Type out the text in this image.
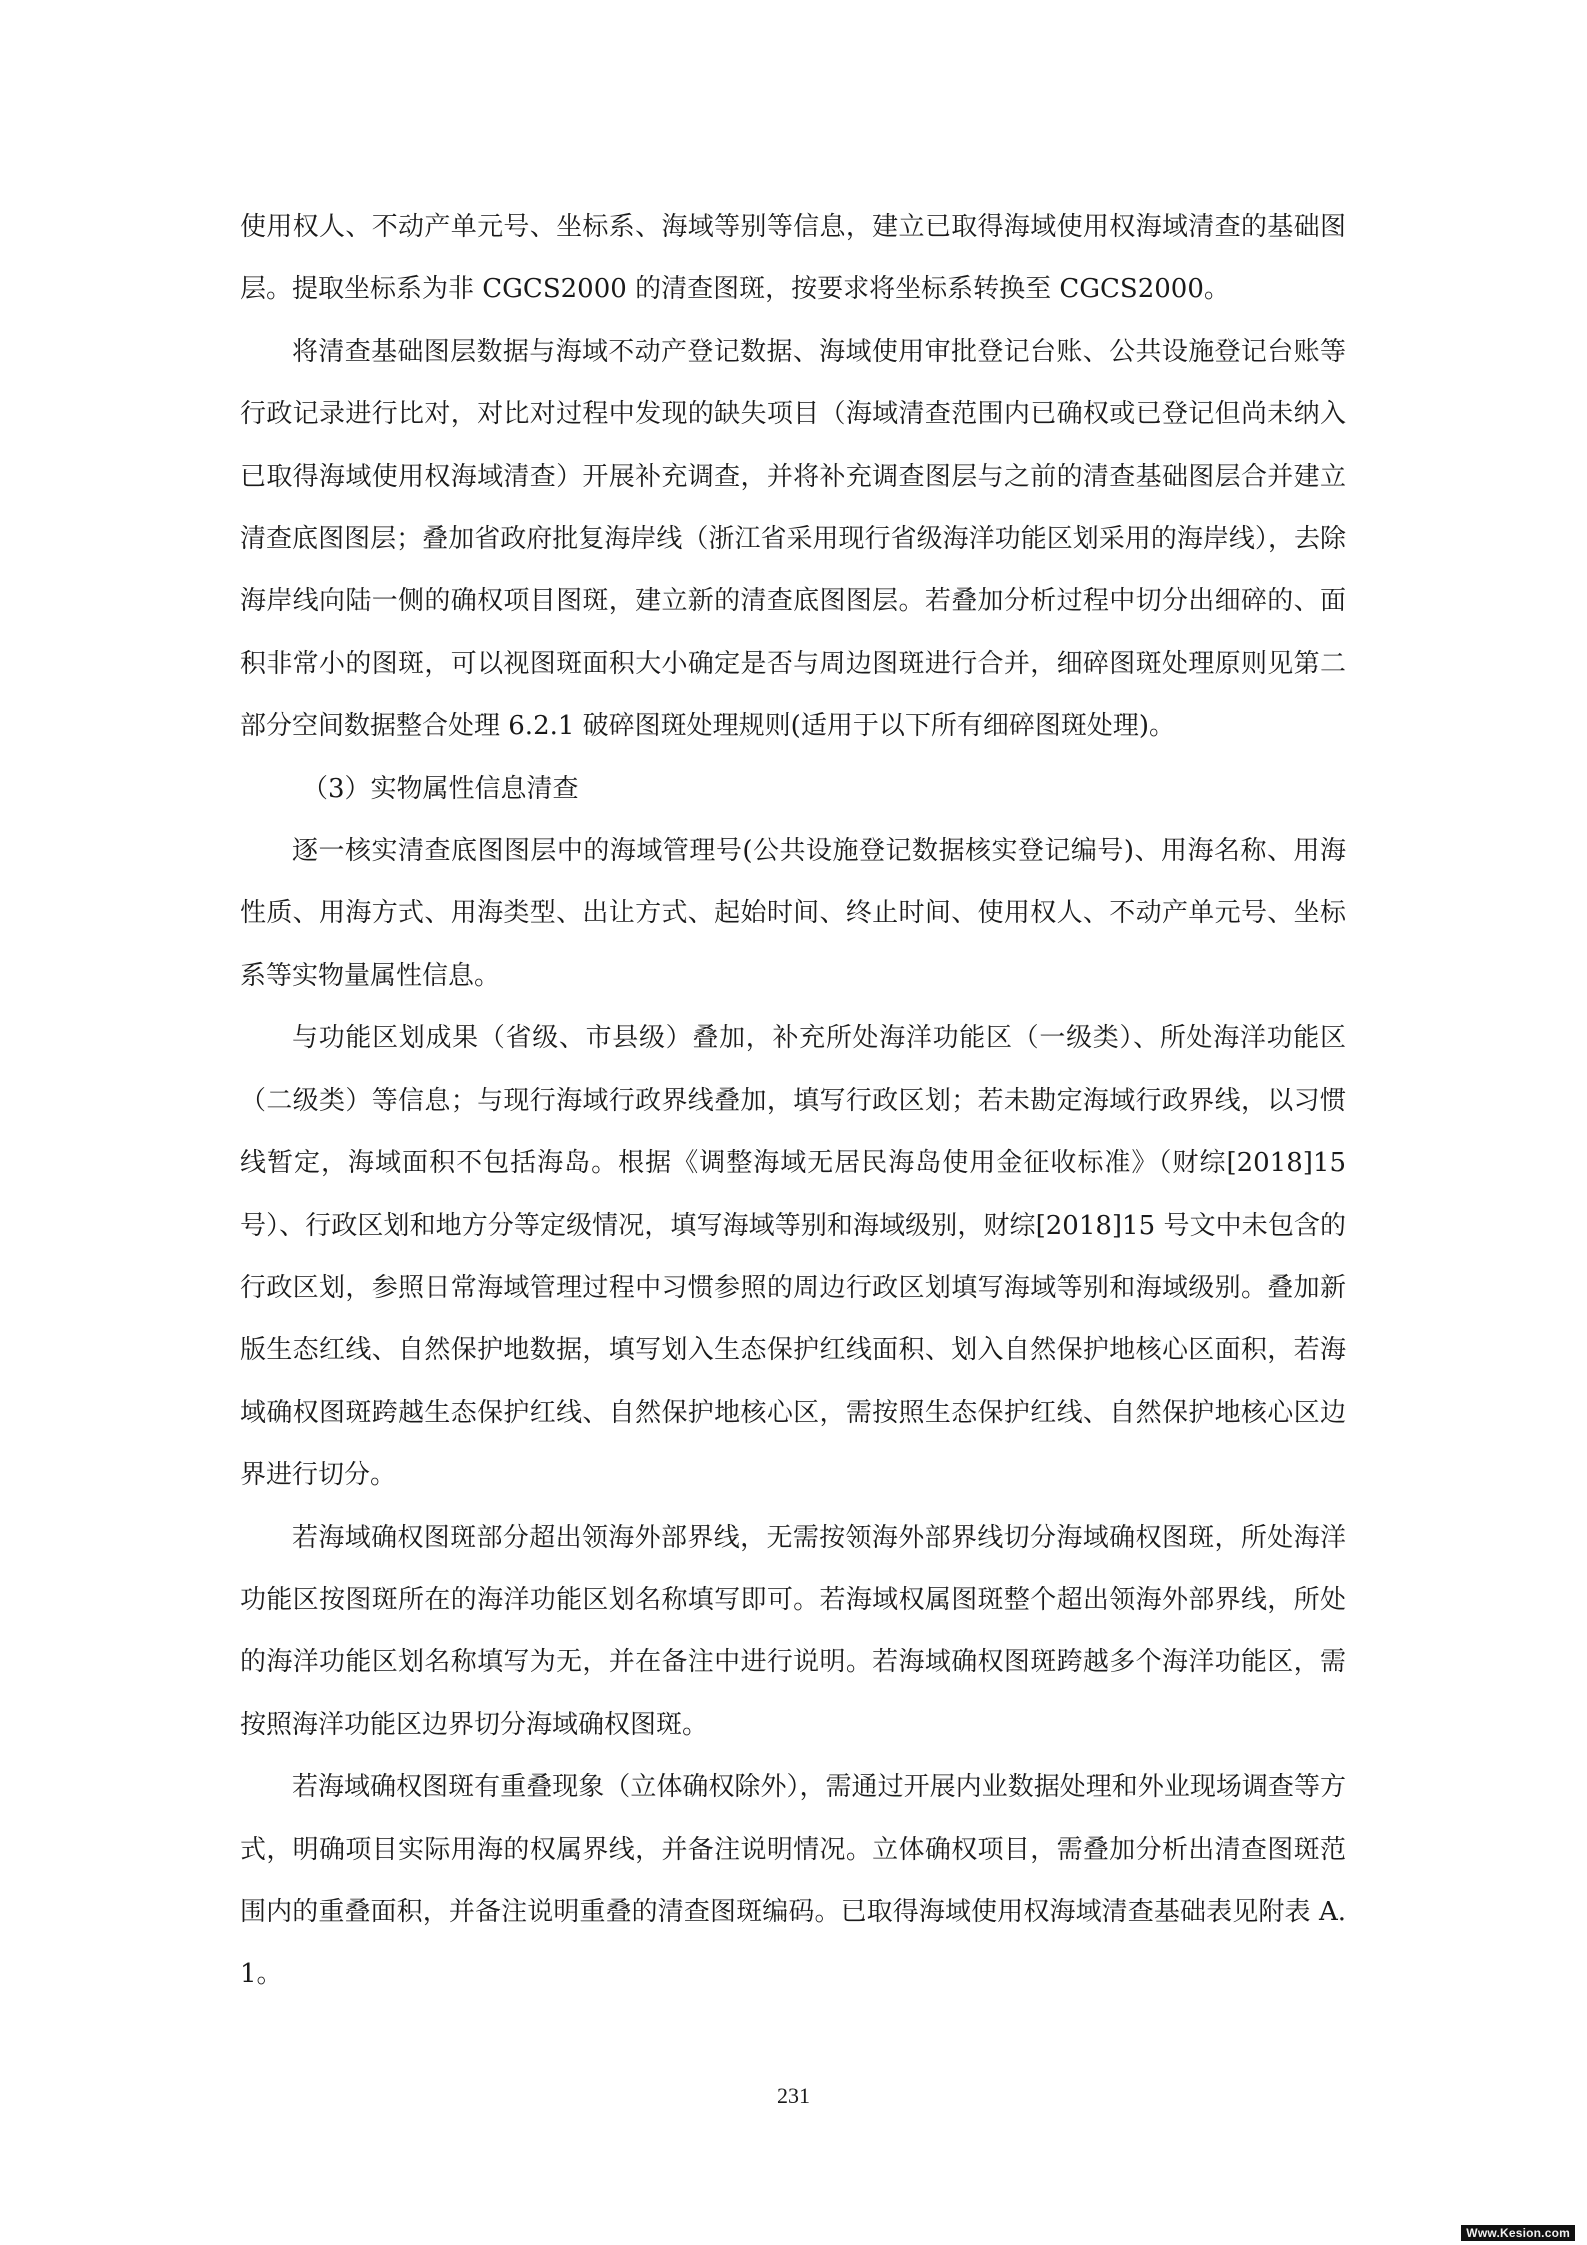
使用权人、不动产单元号、坐标系、海域等别等信息，建立已取得海域使用权海域清查的基础图层。提取坐标系为非 CGCS2000 的清查图斑，按要求将坐标系转换至 CGCS2000。

将清查基础图层数据与海域不动产登记数据、海域使用审批登记台账、公共设施登记台账等行政记录进行比对，对比对过程中发现的缺失项目（海域清查范围内已确权或已登记但尚未纳入已取得海域使用权海域清查）开展补充调查，并将补充调查图层与之前的清查基础图层合并建立清查底图图层；叠加省政府批复海岸线（浙江省采用现行省级海洋功能区划采用的海岸线），去除海岸线向陆一侧的确权项目图斑，建立新的清查底图图层。若叠加分析过程中切分出细碎的、面积非常小的图斑，可以视图斑面积大小确定是否与周边图斑进行合并，细碎图斑处理原则见第二部分空间数据整合处理 6.2.1 破碎图斑处理规则(适用于以下所有细碎图斑处理)。

（3）实物属性信息清查

逐一核实清查底图图层中的海域管理号(公共设施登记数据核实登记编号)、用海名称、用海性质、用海方式、用海类型、出让方式、起始时间、终止时间、使用权人、不动产单元号、坐标系等实物量属性信息。

与功能区划成果（省级、市县级）叠加，补充所处海洋功能区（一级类）、所处海洋功能区（二级类）等信息；与现行海域行政界线叠加，填写行政区划；若未勘定海域行政界线，以习惯线暂定，海域面积不包括海岛。根据《调整海域无居民海岛使用金征收标准》（财综[2018]15 号）、行政区划和地方分等定级情况，填写海域等别和海域级别，财综[2018]15 号文中未包含的行政区划，参照日常海域管理过程中习惯参照的周边行政区划填写海域等别和海域级别。叠加新版生态红线、自然保护地数据，填写划入生态保护红线面积、划入自然保护地核心区面积，若海域确权图斑跨越生态保护红线、自然保护地核心区，需按照生态保护红线、自然保护地核心区边界进行切分。

若海域确权图斑部分超出领海外部界线，无需按领海外部界线切分海域确权图斑，所处海洋功能区按图斑所在的海洋功能区划名称填写即可。若海域权属图斑整个超出领海外部界线，所处的海洋功能区划名称填写为无，并在备注中进行说明。若海域确权图斑跨越多个海洋功能区，需按照海洋功能区边界切分海域确权图斑。

若海域确权图斑有重叠现象（立体确权除外），需通过开展内业数据处理和外业现场调查等方式，明确项目实际用海的权属界线，并备注说明情况。立体确权项目，需叠加分析出清查图斑范围内的重叠面积，并备注说明重叠的清查图斑编码。已取得海域使用权海域清查基础表见附表 A.1。

231
Www.Kesion.com
